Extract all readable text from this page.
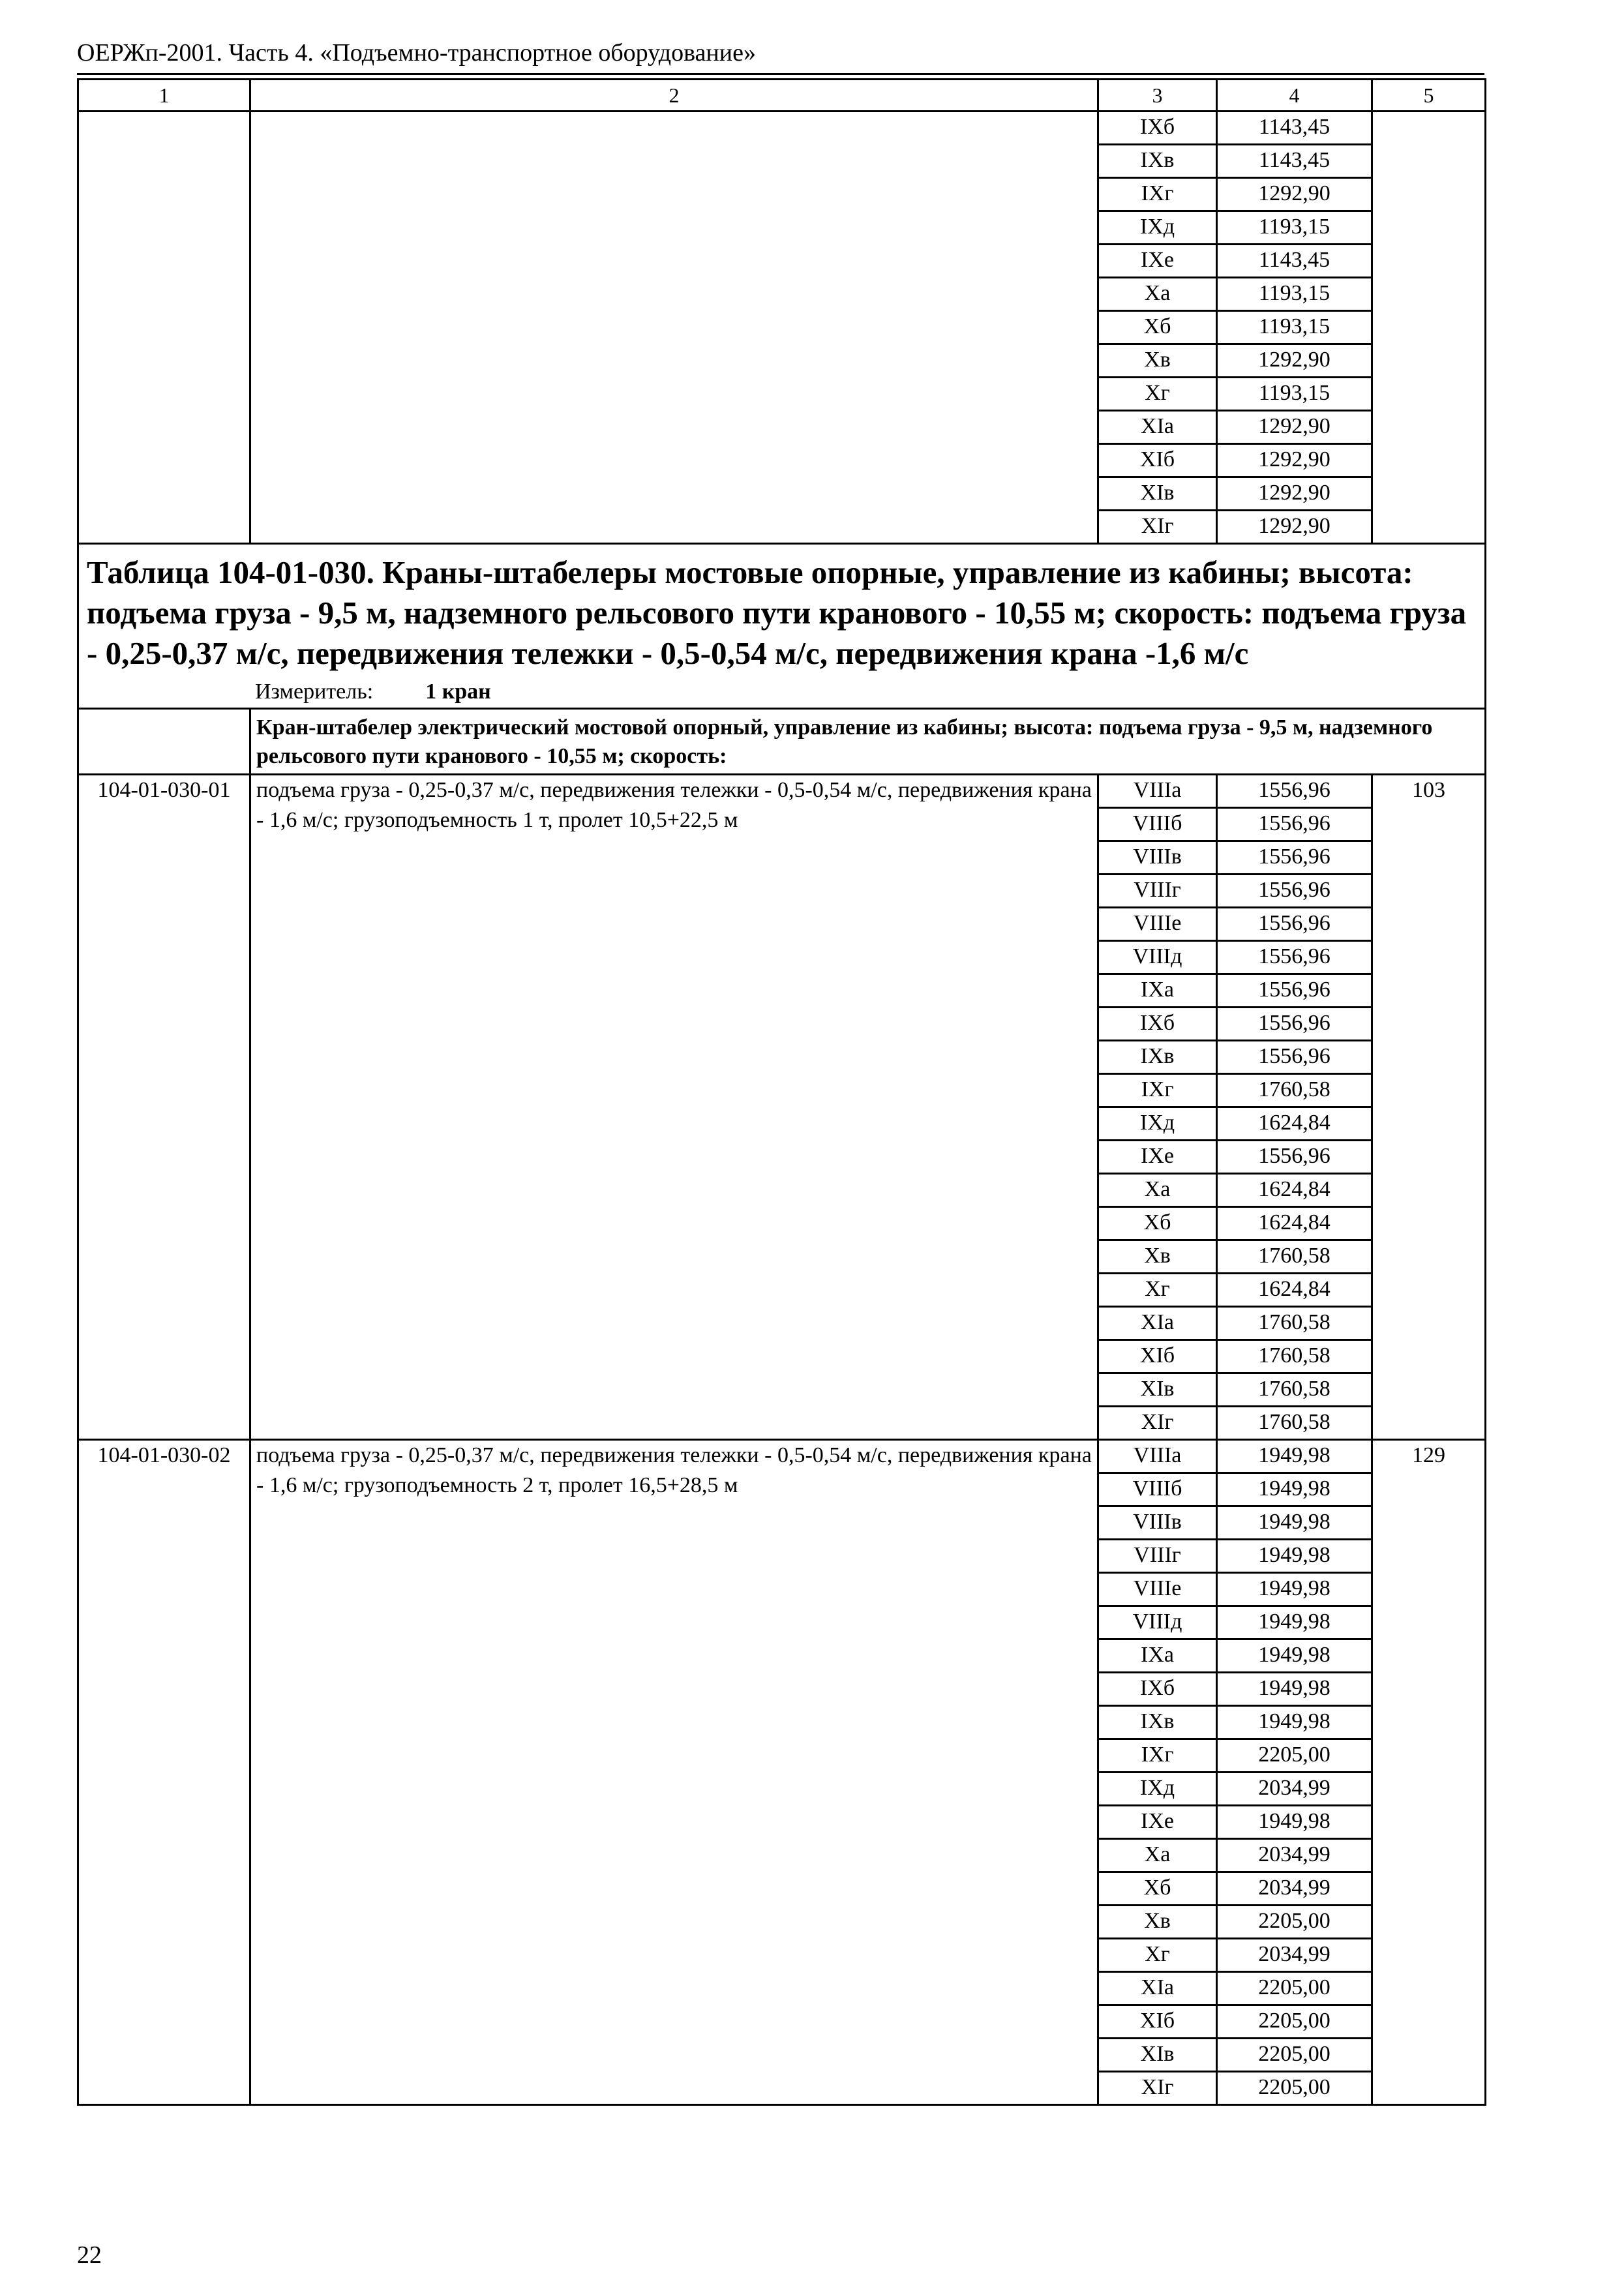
ОЕРЖп-2001. Часть 4. «Подъемно-транспортное оборудование»
1	2	3	4	5
		IXб	1143,45	
		IXв	1143,45	
		IXг	1292,90	
		IXд	1193,15	
		IXе	1143,45	
		Xа	1193,15	
		Xб	1193,15	
		Xв	1292,90	
		Xг	1193,15	
		XIа	1292,90	
		XIб	1292,90	
		XIв	1292,90	
		XIг	1292,90	

Таблица 104-01-030. Краны-штабелеры мостовые опорные, управление из кабины; высота: подъема груза - 9,5 м, надземного рельсового пути кранового - 10,55 м; скорость: подъема груза - 0,25-0,37 м/с, передвижения тележки - 0,5-0,54 м/с, передвижения крана -1,6 м/с				

Измеритель: 1 кран				

	Кран-штабелер электрический мостовой опорный, управление из кабины; высота: подъема груза - 9,5 м, надземного рельсового пути кранового - 10,55 м; скорость:			
104-01-030-01	подъема груза - 0,25-0,37 м/с, передвижения тележки - 0,5-0,54 м/с, передвижения крана - 1,6 м/с; грузоподъемность 1 т, пролет 10,5+22,5 м	VIIIа	1556,96	103
		VIIIб	1556,96	
		VIIIв	1556,96	
		VIIIг	1556,96	
		VIIIе	1556,96	
		VIIIд	1556,96	
		IXа	1556,96	
		IXб	1556,96	
		IXв	1556,96	
		IXг	1760,58	
		IXд	1624,84	
		IXе	1556,96	
		Xа	1624,84	
		Xб	1624,84	
		Xв	1760,58	
		Xг	1624,84	
		XIа	1760,58	
		XIб	1760,58	
		XIв	1760,58	
		XIг	1760,58	
104-01-030-02	подъема груза - 0,25-0,37 м/с, передвижения тележки - 0,5-0,54 м/с, передвижения крана - 1,6 м/с; грузоподъемность 2 т, пролет 16,5+28,5 м	VIIIа	1949,98	129
		VIIIб	1949,98	
		VIIIв	1949,98	
		VIIIг	1949,98	
		VIIIе	1949,98	
		VIIIд	1949,98	
		IXа	1949,98	
		IXб	1949,98	
		IXв	1949,98	
		IXг	2205,00	
		IXд	2034,99	
		IXе	1949,98	
		Xа	2034,99	
		Xб	2034,99	
		Xв	2205,00	
		Xг	2034,99	
		XIа	2205,00	
		XIб	2205,00	
		XIв	2205,00	
		XIг	2205,00	
22
